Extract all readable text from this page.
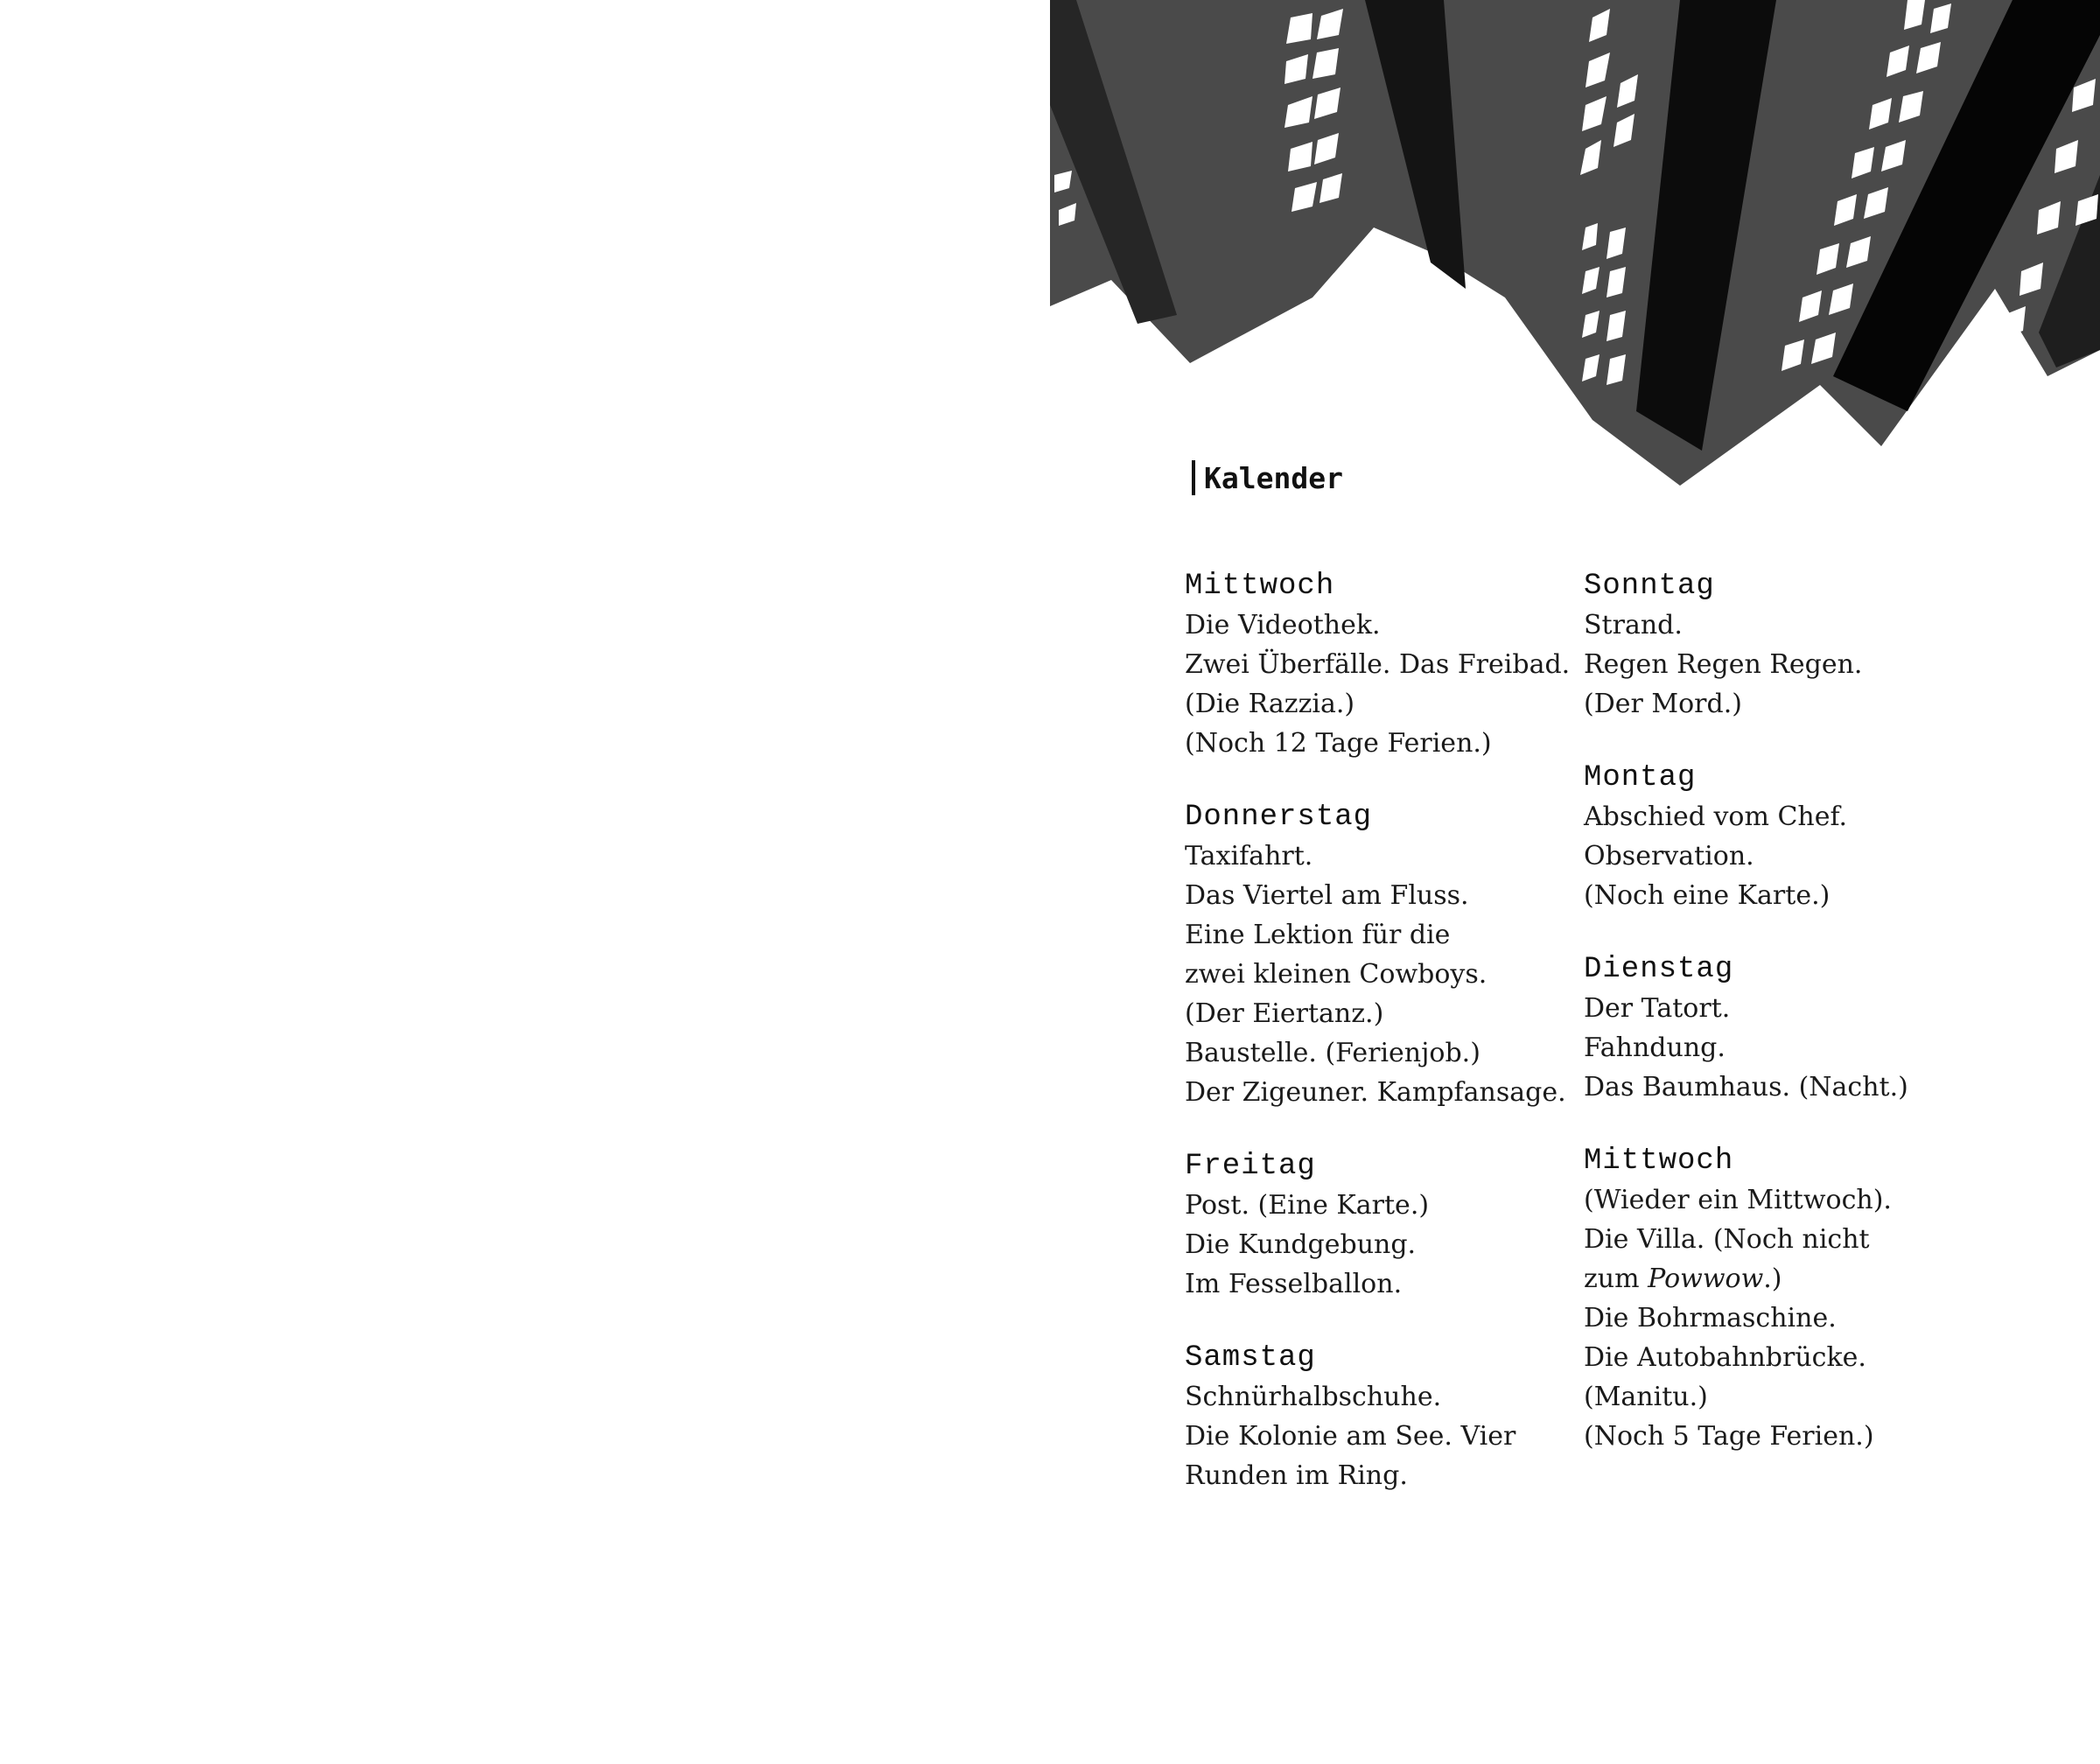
Kalender

Mittwoch

Die Videothek.

Zwei Überfälle. Das Freibad.

(Die Razzia.)

(Noch 12 Tage Ferien.)

Donnerstag

Taxifahrt.

Das Viertel am Fluss.

Eine Lektion für die

zwei kleinen Cowboys.

(Der Eiertanz.)

Baustelle. (Ferienjob.)

Der Zigeuner. Kampfansage.

Freitag

Post. (Eine Karte.)

Die Kundgebung.

Im Fesselballon.

Samstag

Schnürhalbschuhe.

Die Kolonie am See. Vier

Runden im Ring.

Sonntag

Strand.

Regen Regen Regen.

(Der Mord.)

Montag

Abschied vom Chef.

Observation.

(Noch eine Karte.)

Dienstag

Der Tatort.

Fahndung.

Das Baumhaus. (Nacht.)

Mittwoch

(Wieder ein Mittwoch).

Die Villa. (Noch nicht

zum Powwow.)

Die Bohrmaschine.

Die Autobahnbrücke.

(Manitu.)

(Noch 5 Tage Ferien.)
